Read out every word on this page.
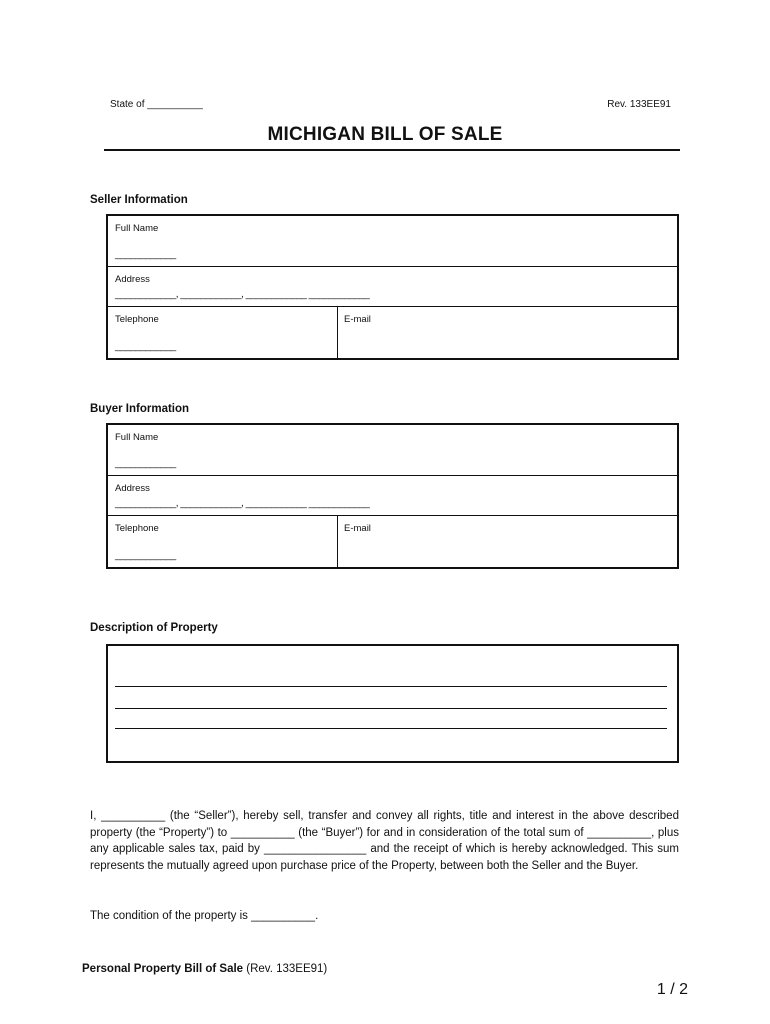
State of __________	Rev. 133EE91
MICHIGAN BILL OF SALE
Seller Information
Full Name
____________
Address
____________, ____________, ____________ ____________
Telephone
____________
E-mail
Buyer Information
Full Name
____________
Address
____________, ____________, ____________ ____________
Telephone
____________
E-mail
Description of Property
I, __________ (the “Seller”), hereby sell, transfer and convey all rights, title and interest in the above described property (the “Property”) to __________ (the “Buyer”) for and in consideration of the total sum of __________, plus any applicable sales tax, paid by ________________ and the receipt of which is hereby acknowledged. This sum represents the mutually agreed upon purchase price of the Property, between both the Seller and the Buyer.
The condition of the property is __________.
Personal Property Bill of Sale (Rev. 133EE91)
1 / 2
